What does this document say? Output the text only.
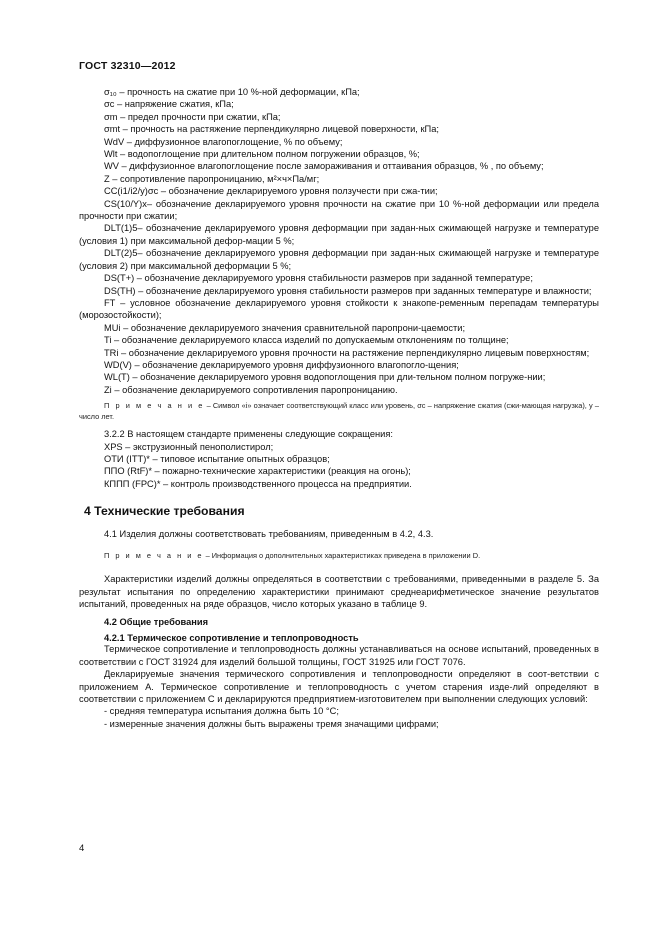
ГОСТ 32310—2012
σ₁₀ – прочность на сжатие при 10 %-ной деформации, кПа;
σc – напряжение сжатия, кПа;
σm – предел прочности при сжатии, кПа;
σmt – прочность на растяжение перпендикулярно лицевой поверхности, кПа;
WdV – диффузионное влагопоглощение, % по объему;
Wlt – водопоглощение при длительном полном погружении образцов, %;
WV – диффузионное влагопоглощение после замораживания и оттаивания образцов, % , по объему;
Z – сопротивление паропроницанию, м²×ч×Па/мг;
CC(i1/i2/y)σc – обозначение декларируемого уровня ползучести при сжа-тии;
CS(10/Y)x– обозначение декларируемого уровня прочности на сжатие при 10 %-ной деформации или предела прочности при сжатии;
DLT(1)5– обозначение декларируемого уровня деформации при задан-ных сжимающей нагрузке и температуре (условия 1) при максимальной дефор-мации 5 %;
DLT(2)5– обозначение декларируемого уровня деформации при задан-ных сжимающей нагрузке и температуре (условия 2) при максимальной деформации 5 %;
DS(T+) – обозначение декларируемого уровня стабильности размеров при заданной температуре;
DS(TH) – обозначение декларируемого уровня стабильности размеров при заданных температуре и влажности;
FT – условное обозначение декларируемого уровня стойкости к знакопе-ременным перепадам температуры (морозостойкости);
MUi – обозначение декларируемого значения сравнительной паропрони-цаемости;
Ti – обозначение декларируемого класса изделий по допускаемым отклонениям по толщине;
TRi – обозначение декларируемого уровня прочности на растяжение перпендикулярно лицевым поверхностям;
WD(V) – обозначение декларируемого уровня диффузионного влагопогло-щения;
WL(T) – обозначение декларируемого уровня водопоглощения при дли-тельном полном погруже-нии;
Zi – обозначение декларируемого сопротивления паропроницанию.
П р и м е ч а н и е – Символ «i» означает соответствующий класс или уровень, σc – напряжение сжатия (сжи-мающая нагрузка), y – число лет.
3.2.2 В настоящем стандарте применены следующие сокращения:
XPS – экструзионный пенополистирол;
ОТИ (ITT)* – типовое испытание опытных образцов;
ППО (RtF)* – пожарно-технические характеристики (реакция на огонь);
КППП (FPC)* – контроль производственного процесса на предприятии.
4 Технические требования
4.1 Изделия должны соответствовать требованиям, приведенным в 4.2, 4.3.
П р и м е ч а н и е – Информация о дополнительных характеристиках приведена в приложении D.
Характеристики изделий должны определяться в соответствии с требованиями, приведенными в разделе 5. За результат испытания по определению характеристики принимают среднеарифметическое значение результатов испытаний, проведенных на ряде образцов, число которых указано в таблице 9.
4.2 Общие требования
4.2.1 Термическое сопротивление и теплопроводность
Термическое сопротивление и теплопроводность должны устанавливаться на основе испытаний, проведенных в соответствии с ГОСТ 31924 для изделий большой толщины, ГОСТ 31925 или ГОСТ 7076.
Декларируемые значения термического сопротивления и теплопроводности определяют в соот-ветствии с приложением А. Термическое сопротивление и теплопроводность с учетом старения изде-лий определяют в соответствии с приложением С и декларируются предприятием-изготовителем при выполнении следующих условий:
- средняя температура испытания должна быть 10 °С;
- измеренные значения должны быть выражены тремя значащими цифрами;
4
